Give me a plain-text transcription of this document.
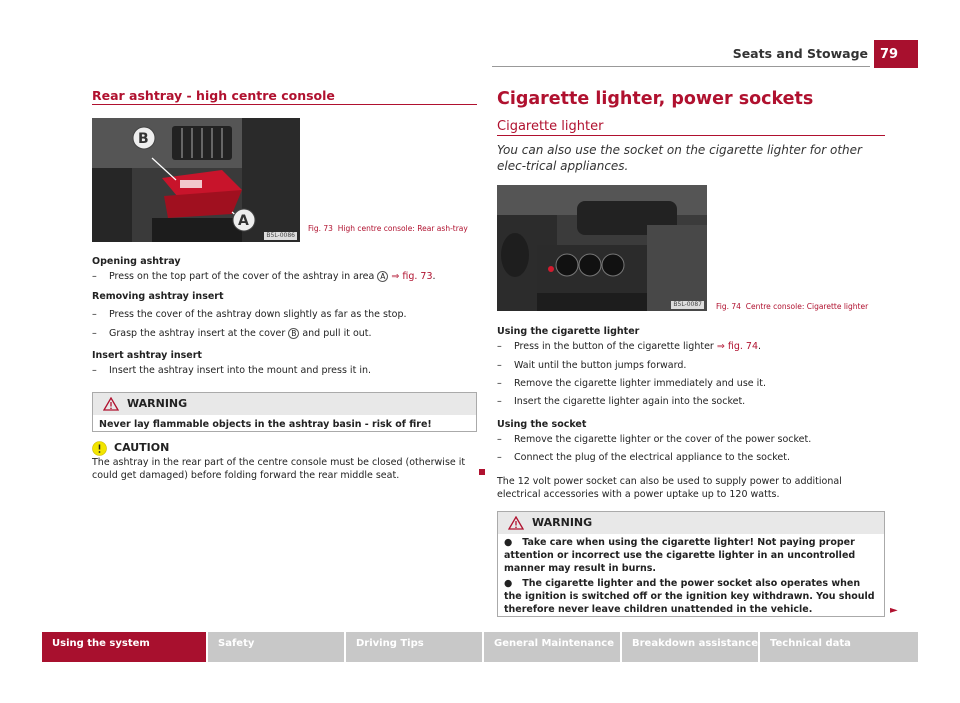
Seats and Stowage 79
Rear ashtray - high centre console
B
A
B5L-0086
Fig. 73 High centre console: Rear ash-tray
Opening ashtray
– Press on the top part of the cover of the ashtray in area A ⇒ fig. 73.
Removing ashtray insert
– Press the cover of the ashtray down slightly as far as the stop.
– Grasp the ashtray insert at the cover B and pull it out.
Insert ashtray insert
– Insert the ashtray insert into the mount and press it in.
WARNING
Never lay flammable objects in the ashtray basin - risk of fire!
CAUTION
The ashtray in the rear part of the centre console must be closed (otherwise it could get damaged) before folding forward the rear middle seat.
Cigarette lighter, power sockets
Cigarette lighter
You can also use the socket on the cigarette lighter for other elec-trical appliances.
B5L-0087 Fig. 74 Centre console: Cigarette lighter
Using the cigarette lighter
– Press in the button of the cigarette lighter ⇒ fig. 74.
– Wait until the button jumps forward.
– Remove the cigarette lighter immediately and use it.
– Insert the cigarette lighter again into the socket.
Using the socket
– Remove the cigarette lighter or the cover of the power socket.
– Connect the plug of the electrical appliance to the socket.
The 12 volt power socket can also be used to supply power to additional electrical accessories with a power uptake up to 120 watts.
WARNING
●   Take care when using the cigarette lighter! Not paying proper attention or incorrect use the cigarette lighter in an uncontrolled manner may result in burns.
●   The cigarette lighter and the power socket also operates when the ignition is switched off or the ignition key withdrawn. You should therefore never leave children unattended in the vehicle.	►
Using the system	Safety	Driving Tips	General Maintenance	Breakdown assistance	Technical data
